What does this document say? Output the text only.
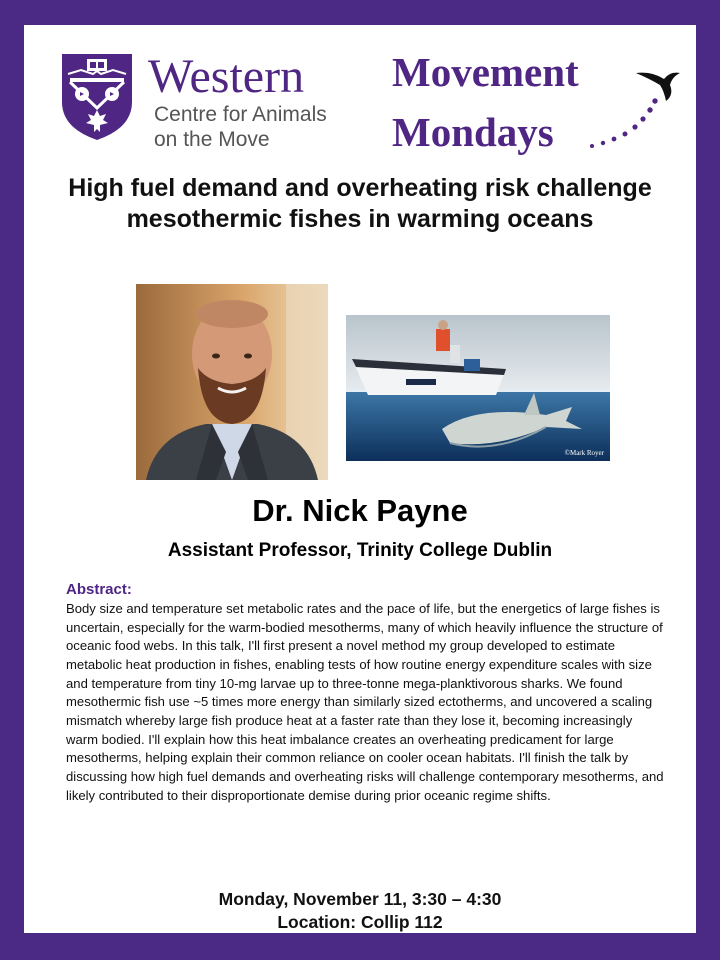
Western
Centre for Animals
on the Move
Movement
Mondays
High fuel demand and overheating risk challenge mesothermic fishes in warming oceans
©Mark Royer
Dr. Nick Payne
Assistant Professor, Trinity College Dublin
Abstract:
Body size and temperature set metabolic rates and the pace of life, but the energetics of large fishes is uncertain, especially for the warm-bodied mesotherms, many of which heavily influence the structure of oceanic food webs. In this talk, I'll first present a novel method my group developed to estimate metabolic heat production in fishes, enabling tests of how routine energy expenditure scales with size and temperature from tiny 10-mg larvae up to three-tonne mega-planktivorous sharks. We found mesothermic fish use ~5 times more energy than similarly sized ectotherms, and uncovered a scaling mismatch whereby large fish produce heat at a faster rate than they lose it, becoming increasingly warm bodied. I'll explain how this heat imbalance creates an overheating predicament for large mesotherms, helping explain their common reliance on cooler ocean habitats. I'll finish the talk by discussing how high fuel demands and overheating risks will challenge contemporary mesotherms, and likely contributed to their disproportionate demise during prior oceanic regime shifts.
Monday, November 11, 3:30 – 4:30
Location: Collip 112
